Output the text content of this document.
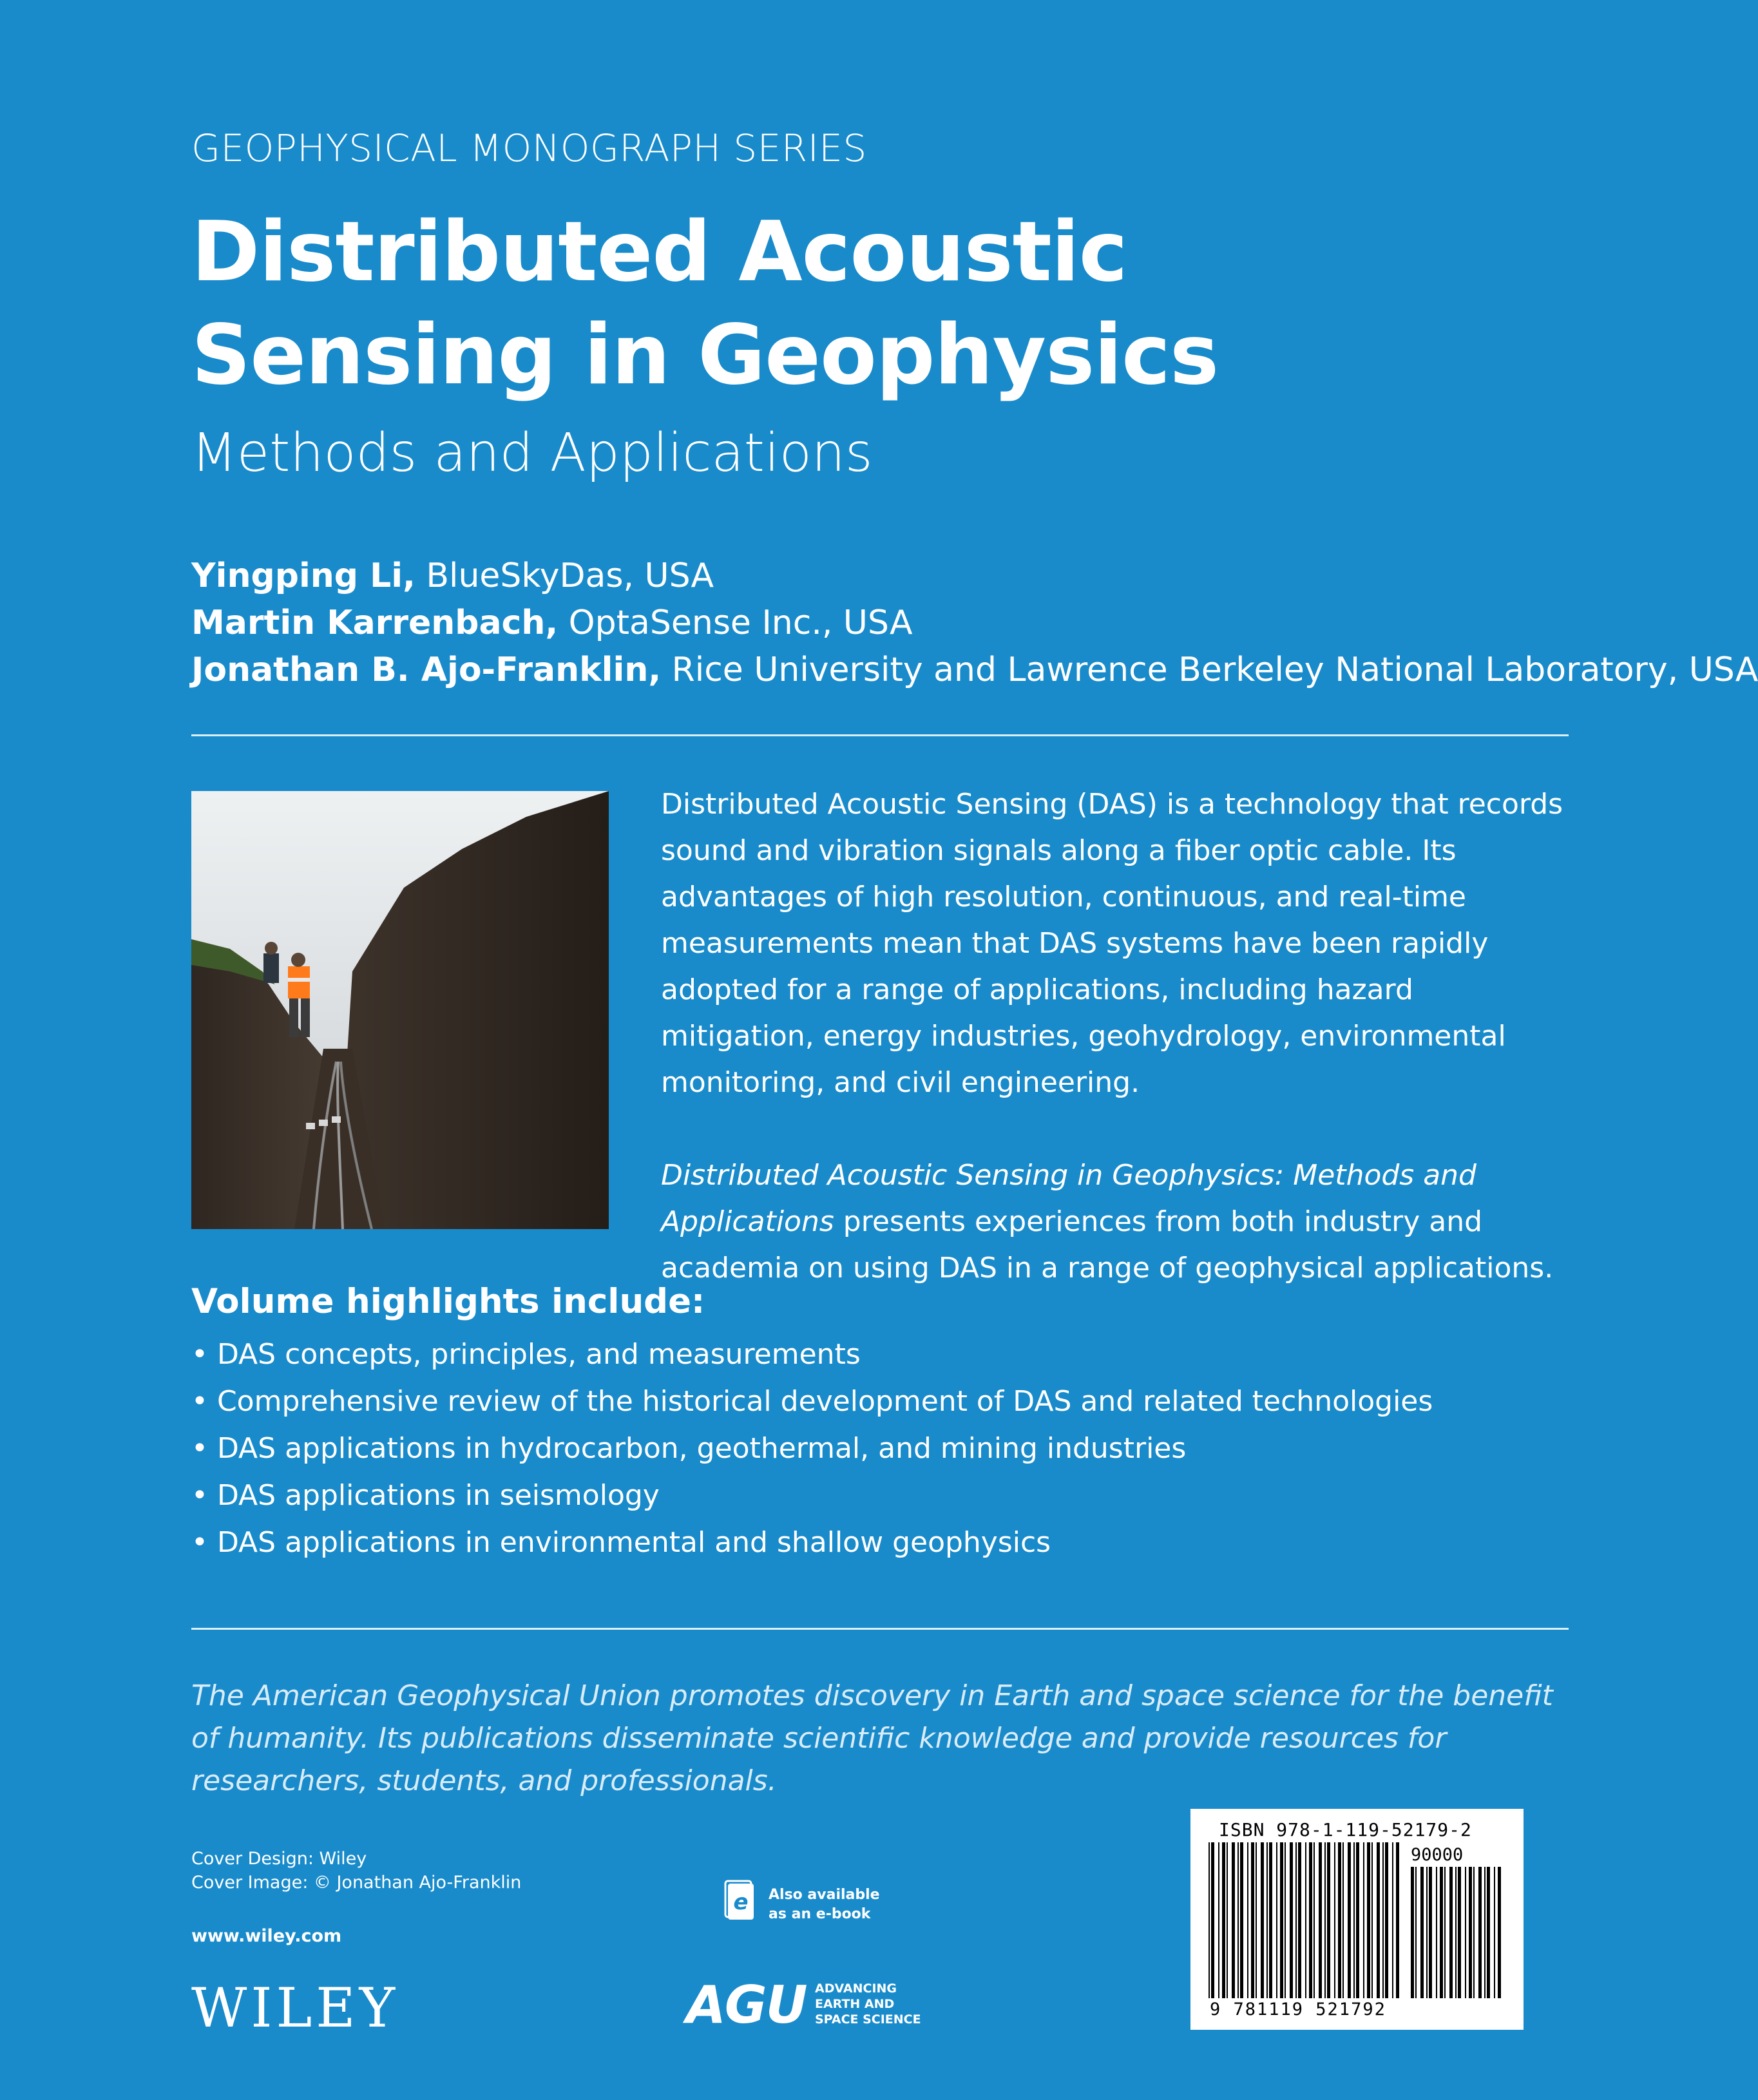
GEOPHYSICAL MONOGRAPH SERIES
Distributed Acoustic
Sensing in Geophysics
Methods and Applications
Yingping Li, BlueSkyDas, USA
Martin Karrenbach, OptaSense Inc., USA
Jonathan B. Ajo-Franklin, Rice University and Lawrence Berkeley National Laboratory, USA

Distributed Acoustic Sensing (DAS) is a technology that records sound and vibration signals along a fiber optic cable. Its advantages of high resolution, continuous, and real-time measurements mean that DAS systems have been rapidly adopted for a range of applications, including hazard mitigation, energy industries, geohydrology, environmental monitoring, and civil engineering.

Distributed Acoustic Sensing in Geophysics: Methods and Applications presents experiences from both industry and academia on using DAS in a range of geophysical applications.

Volume highlights include:
• DAS concepts, principles, and measurements
• Comprehensive review of the historical development of DAS and related technologies
• DAS applications in hydrocarbon, geothermal, and mining industries
• DAS applications in seismology
• DAS applications in environmental and shallow geophysics
The American Geophysical Union promotes discovery in Earth and space science for the benefit of humanity. Its publications disseminate scientific knowledge and provide resources for researchers, students, and professionals.
Cover Design: Wiley
Cover Image: © Jonathan Ajo-Franklin
www.wiley.com
WILEY
e Also available
as an e-book
AGU ADVANCING
EARTH AND
SPACE SCIENCE
ISBN 978-1-119-52179-2
90000
9 781119 521792
